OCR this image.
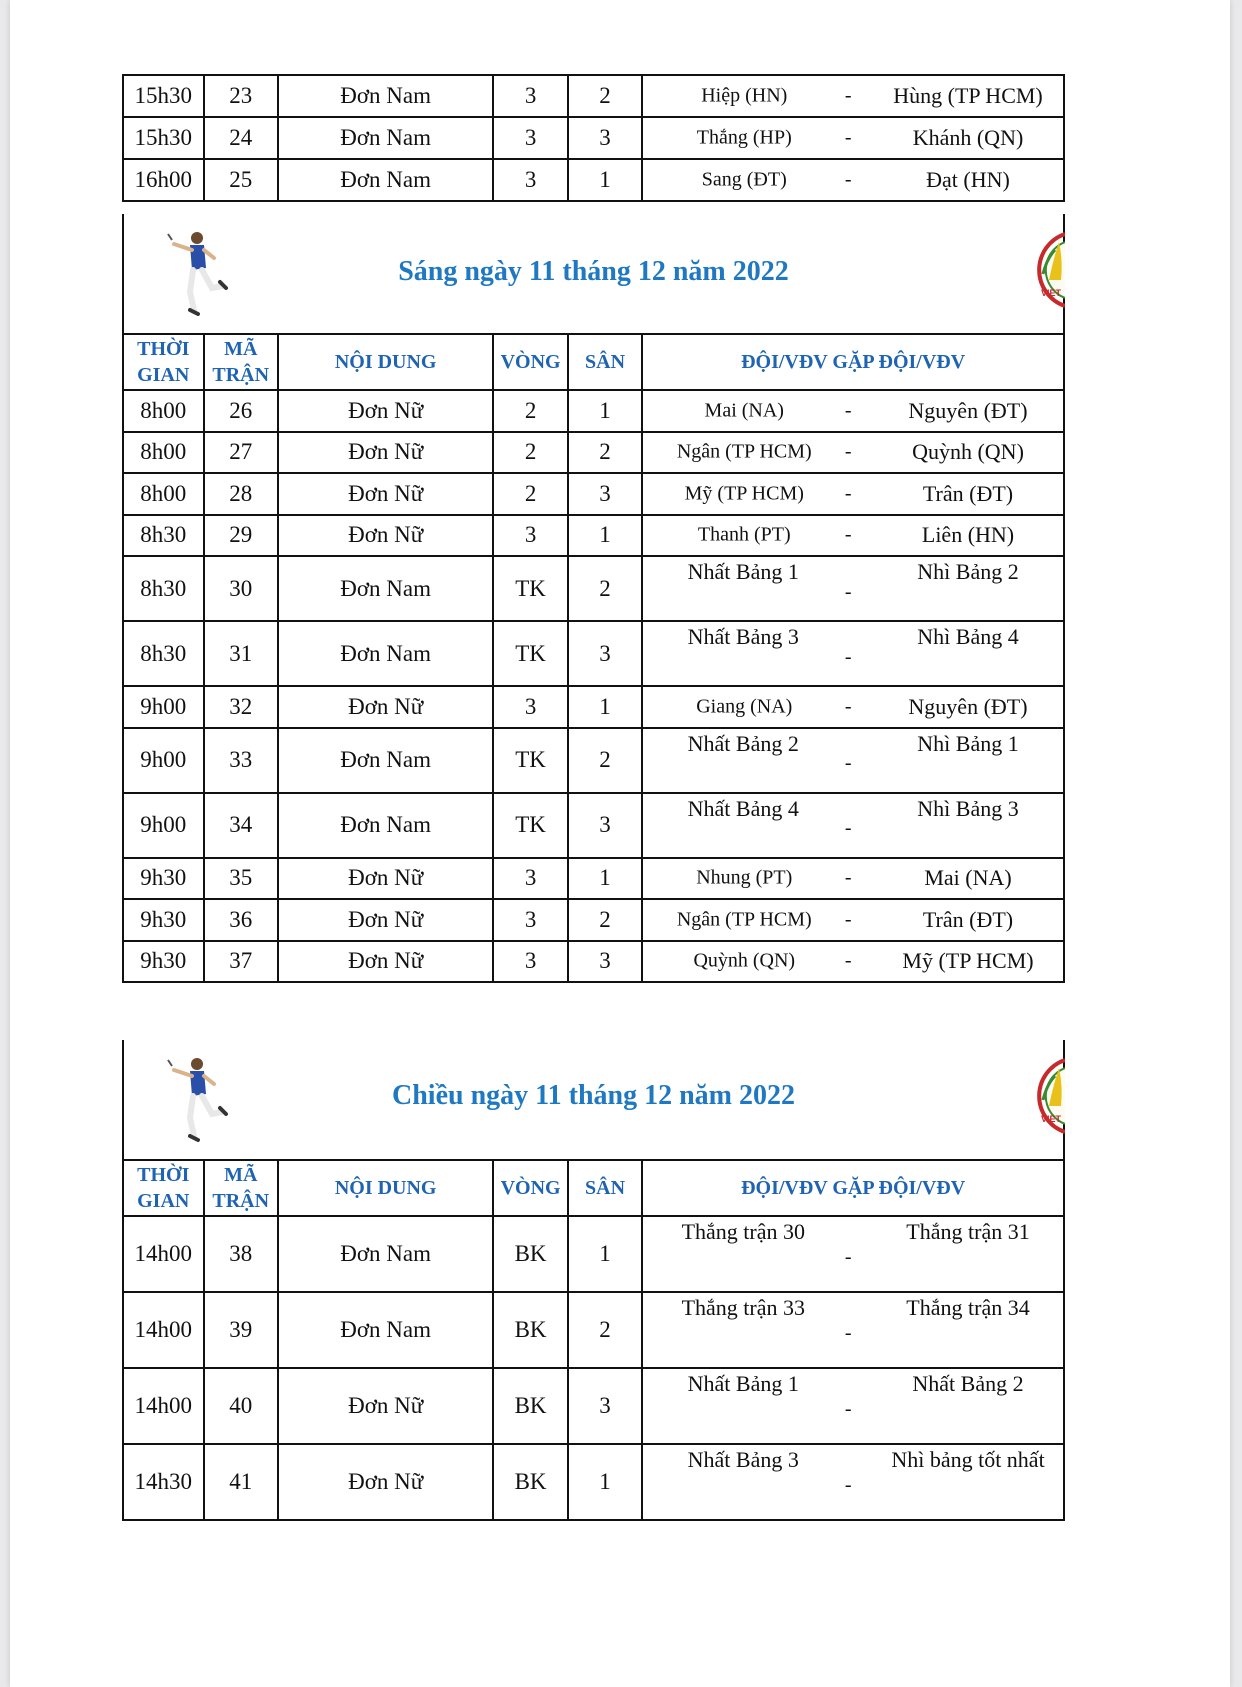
15h30	23	Đơn Nam	3	2	Hiệp (HN) - Hùng (TP HCM)

15h30	24	Đơn Nam	3	3	Thắng (HP) - Khánh (QN)

16h00	25	Đơn Nam	3	1	Sang (ĐT) - Đạt (HN)
Sáng ngày 11 tháng 12 năm 2022
VIET
THỜI GIAN	MÃ TRẬN	NỘI DUNG	VÒNG	SÂN	ĐỘI/VĐV GẶP ĐỘI/VĐV
8h00	26	Đơn Nữ	2	1	Mai (NA) - Nguyên (ĐT)

8h00	27	Đơn Nữ	2	2	Ngân (TP HCM) - Quỳnh (QN)

8h00	28	Đơn Nữ	2	3	Mỹ (TP HCM) - Trân (ĐT)

8h30	29	Đơn Nữ	3	1	Thanh (PT) - Liên (HN)

8h30	30	Đơn Nam	TK	2	Nhất Bảng 1
-
Nhì Bảng 2

8h30	31	Đơn Nam	TK	3	Nhất Bảng 3
-
Nhì Bảng 4

9h00	32	Đơn Nữ	3	1	Giang (NA) - Nguyên (ĐT)

9h00	33	Đơn Nam	TK	2	Nhất Bảng 2
-
Nhì Bảng 1

9h00	34	Đơn Nam	TK	3	Nhất Bảng 4
-
Nhì Bảng 3

9h30	35	Đơn Nữ	3	1	Nhung (PT) - Mai (NA)

9h30	36	Đơn Nữ	3	2	Ngân (TP HCM) - Trân (ĐT)

9h30	37	Đơn Nữ	3	3	Quỳnh (QN) - Mỹ (TP HCM)
Chiều ngày 11 tháng 12 năm 2022
VIET
THỜI GIAN	MÃ TRẬN	NỘI DUNG	VÒNG	SÂN	ĐỘI/VĐV GẶP ĐỘI/VĐV
14h00	38	Đơn Nam	BK	1	Thắng trận 30
-
Thắng trận 31

14h00	39	Đơn Nam	BK	2	Thắng trận 33
-
Thắng trận 34

14h00	40	Đơn Nữ	BK	3	Nhất Bảng 1
-
Nhất Bảng 2

14h30	41	Đơn Nữ	BK	1	Nhất Bảng 3
-
Nhì bảng tốt nhất
